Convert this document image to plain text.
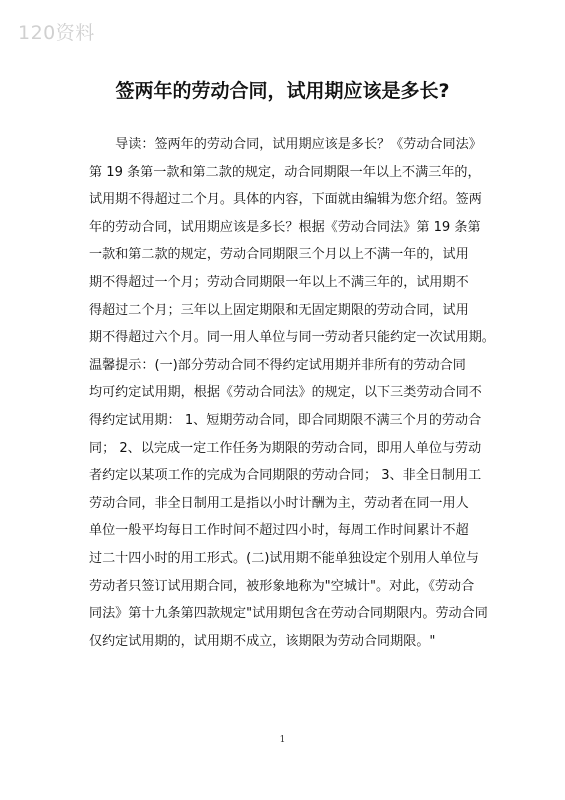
120资料
签两年的劳动合同，试用期应该是多长?
　　导读：签两年的劳动合同，试用期应该是多长？《劳动合同法》
第 19 条第一款和第二款的规定，动合同期限一年以上不满三年的，
试用期不得超过二个月。具体的内容，下面就由编辑为您介绍。签两
年的劳动合同，试用期应该是多长？根据《劳动合同法》第 19 条第
一款和第二款的规定，劳动合同期限三个月以上不满一年的，试用
期不得超过一个月；劳动合同期限一年以上不满三年的，试用期不
得超过二个月；三年以上固定期限和无固定期限的劳动合同，试用
期不得超过六个月。同一用人单位与同一劳动者只能约定一次试用期。
温馨提示：(一)部分劳动合同不得约定试用期并非所有的劳动合同
均可约定试用期，根据《劳动合同法》的规定，以下三类劳动合同不
得约定试用期： 1、短期劳动合同，即合同期限不满三个月的劳动合
同； 2、以完成一定工作任务为期限的劳动合同，即用人单位与劳动
者约定以某项工作的完成为合同期限的劳动合同； 3、非全日制用工
劳动合同，非全日制用工是指以小时计酬为主，劳动者在同一用人
单位一般平均每日工作时间不超过四小时，每周工作时间累计不超
过二十四小时的用工形式。(二)试用期不能单独设定个别用人单位与
劳动者只签订试用期合同，被形象地称为"空城计"。对此，《劳动合
同法》第十九条第四款规定"试用期包含在劳动合同期限内。劳动合同
仅约定试用期的，试用期不成立，该期限为劳动合同期限。"
1
